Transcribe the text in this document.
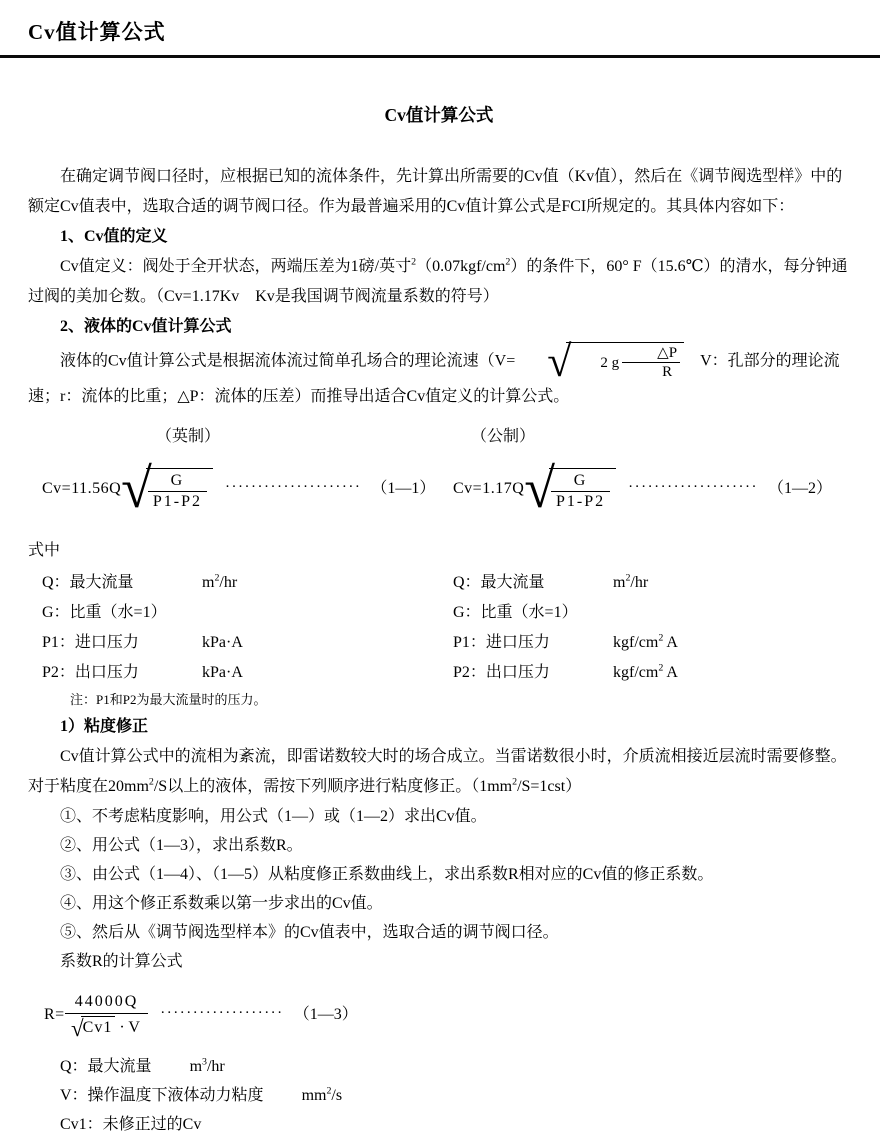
Cv值计算公式
Cv值计算公式

在确定调节阀口径时，应根据已知的流体条件，先计算出所需要的Cv值（Kv值），然后在《调节阀选型样》中的额定Cv值表中，选取合适的调节阀口径。作为最普遍采用的Cv值计算公式是FCI所规定的。其具体内容如下：

1、Cv值的定义

Cv值定义：阀处于全开状态，两端压差为1磅/英寸$^2(0.07kgf/cm^2)$的条件下，60° F（15.6℃）的清水，每分钟通过阀的美加仑数。（Cv=1.17Kv　Kv是我国调节阀流量系数的符号）

2、液体的Cv值计算公式

液体的Cv值计算公式是根据流体流过简单孔场合的理论流速（V= √	2 g $\frac{\triangle P}{R}$ 　V：孔部分的理论流速；r：流体的比重；△P：流体的压差）而推导出适合Cv值定义的计算公式。

（英制）	（公制）
Cv=11.56Q
√ $\frac{G}{P1-P2}$ ····················· （1—1） Cv=1.17Q
√ $\frac{G}{P1-P2}$ ···················· （1—2）

式中

Q：最大流量	$m^2/hr$
G：比重（水=1）
P1：进口压力	kPa·A
P2：出口压力	kPa·A
Q：最大流量	$m^2/hr$
G：比重（水=1）
P1：进口压力	kgf/$cm^2$ A
P2：出口压力	kgf/$cm^2$ A

注：P1和P2为最大流量时的压力。

1）粘度修正

Cv值计算公式中的流相为紊流，即雷诺数较大时的场合成立。当雷诺数很小时，介质流相接近层流时需要修整。对于粘度在$20mm^2/S$以上的液体，需按下列顺序进行粘度修正。$(1mm^2/S=1cst)$

①、不考虑粘度影响，用公式（1—）或（1—2）求出Cv值。

②、用公式（1—3），求出系数R。

③、由公式（1—4）、（1—5）从粘度修正系数曲线上，求出系数R相对应的Cv值的修正系数。

④、用这个修正系数乘以第一步求出的Cv值。

⑤、然后从《调节阀选型样本》的Cv值表中，选取合适的调节阀口径。

系数R的计算公式

R= 44000Q
√
Cv1 · V ··················· （1—3）
Q：最大流量 $m^3/hr$
V：操作温度下液体动力粘度 $mm^2/s$
Cv1：未修正过的Cv
